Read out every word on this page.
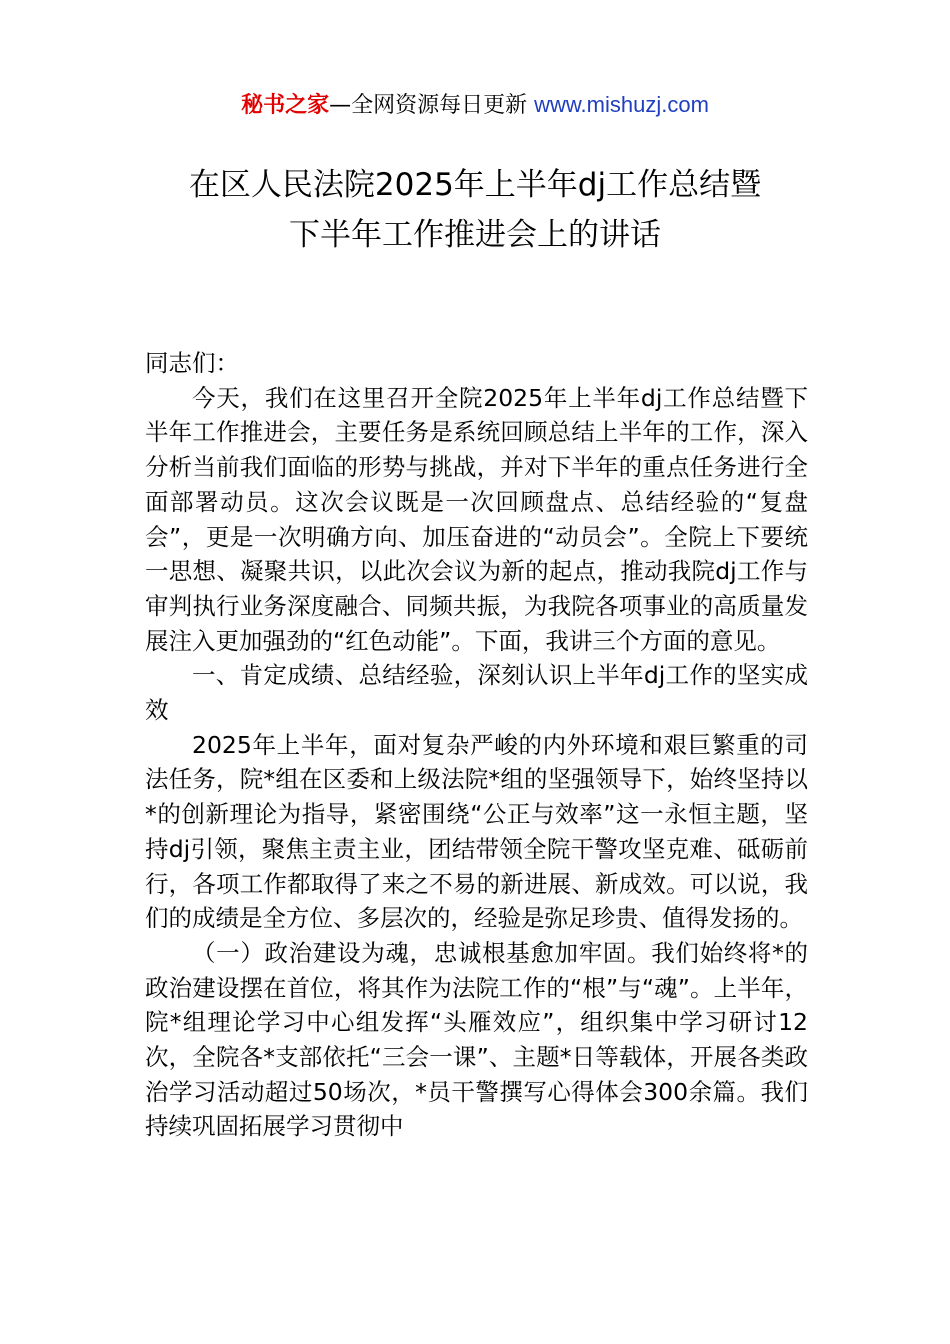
秘书之家—全网资源每日更新 www.mishuzj.com
在区人民法院2025年上半年dj工作总结暨
下半年工作推进会上的讲话

同志们：

今天，我们在这里召开全院2025年上半年dj工作总结暨下半年工作推进会，主要任务是系统回顾总结上半年的工作，深入分析当前我们面临的形势与挑战，并对下半年的重点任务进行全面部署动员。这次会议既是一次回顾盘点、总结经验的“复盘会”，更是一次明确方向、加压奋进的“动员会”。全院上下要统一思想、凝聚共识，以此次会议为新的起点，推动我院dj工作与审判执行业务深度融合、同频共振，为我院各项事业的高质量发展注入更加强劲的“红色动能”。下面，我讲三个方面的意见。

一、肯定成绩、总结经验，深刻认识上半年dj工作的坚实成效

2025年上半年，面对复杂严峻的内外环境和艰巨繁重的司法任务，院*组在区委和上级法院*组的坚强领导下，始终坚持以*的创新理论为指导，紧密围绕“公正与效率”这一永恒主题，坚持dj引领，聚焦主责主业，团结带领全院干警攻坚克难、砥砺前行，各项工作都取得了来之不易的新进展、新成效。可以说，我们的成绩是全方位、多层次的，经验是弥足珍贵、值得发扬的。

（一）政治建设为魂，忠诚根基愈加牢固。我们始终将*的政治建设摆在首位，将其作为法院工作的“根”与“魂”。上半年，院*组理论学习中心组发挥“头雁效应”，组织集中学习研讨12次，全院各*支部依托“三会一课”、主题*日等载体，开展各类政治学习活动超过50场次，*员干警撰写心得体会300余篇。我们持续巩固拓展学习贯彻中
